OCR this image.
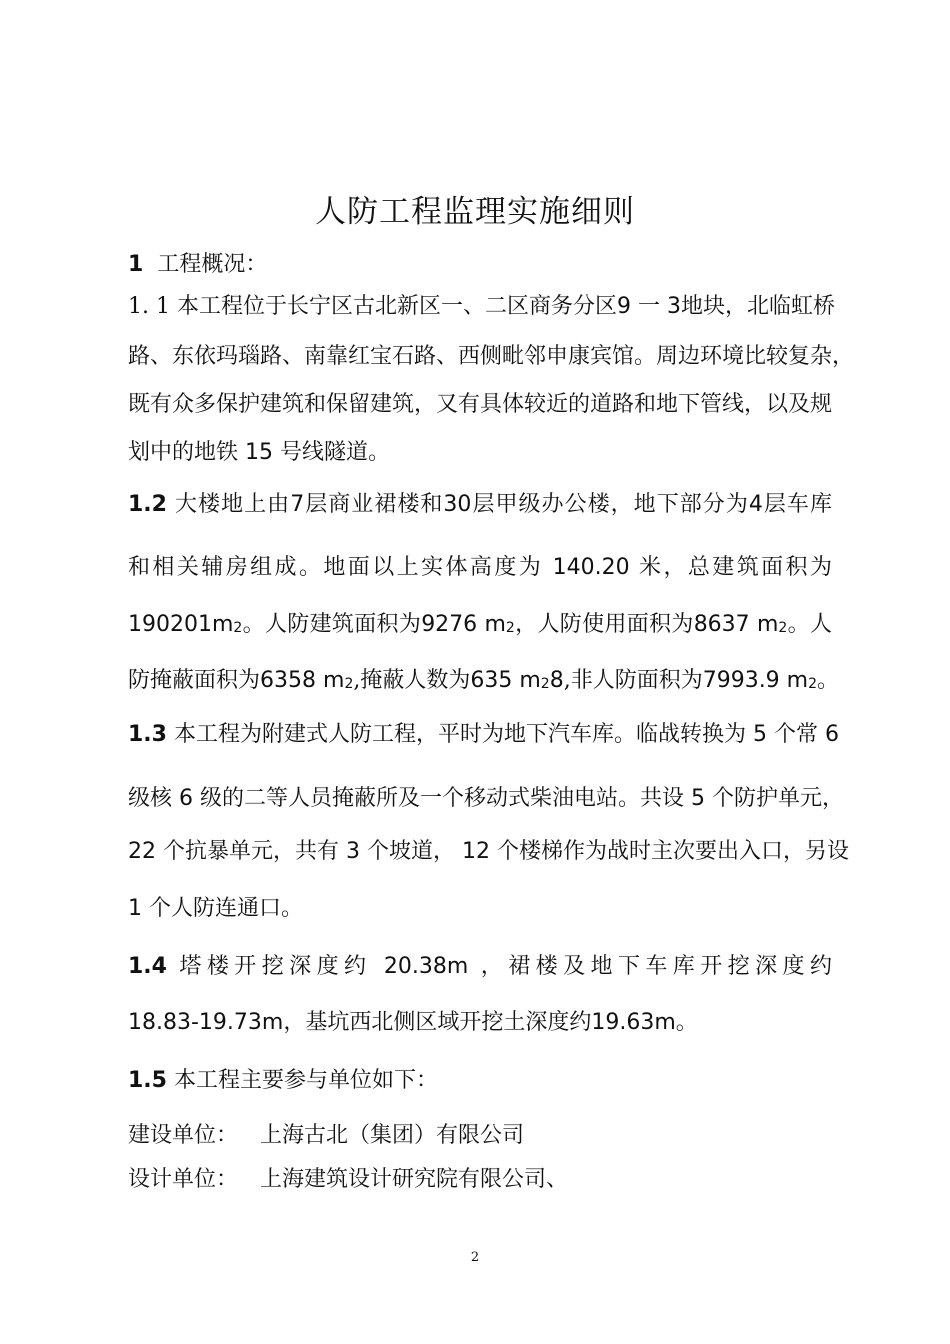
人防工程监理实施细则
1 工程概况：
1. 1 本工程位于长宁区古北新区一、二区商务分区9 一 3地块，北临虹桥
路、东依玛瑙路、南靠红宝石路、西侧毗邻申康宾馆。周边环境比较复杂，
既有众多保护建筑和保留建筑，又有具体较近的道路和地下管线，以及规
划中的地铁 15 号线隧道。
1.2 大楼地上由7层商业裙楼和30层甲级办公楼，地下部分为4层车库
和相关辅房组成。地面以上实体高度为 140.20 米，总建筑面积为
190201m2。人防建筑面积为9276 m2，人防使用面积为8637 m2。人
防掩蔽面积为6358 m2,掩蔽人数为635 m28,非人防面积为7993.9 m2。
1.3 本工程为附建式人防工程，平时为地下汽车库。临战转换为 5 个常 6
级核 6 级的二等人员掩蔽所及一个移动式柴油电站。共设 5 个防护单元，
22 个抗暴单元，共有 3 个坡道， 12 个楼梯作为战时主次要出入口，另设
1 个人防连通口。
1.4 塔楼开挖深度约 20.38m ，裙楼及地下车库开挖深度约
18.83-19.73m，基坑西北侧区域开挖土深度约19.63m。
1.5 本工程主要参与单位如下：
建设单位： 上海古北（集团）有限公司
设计单位： 上海建筑设计研究院有限公司、
2
